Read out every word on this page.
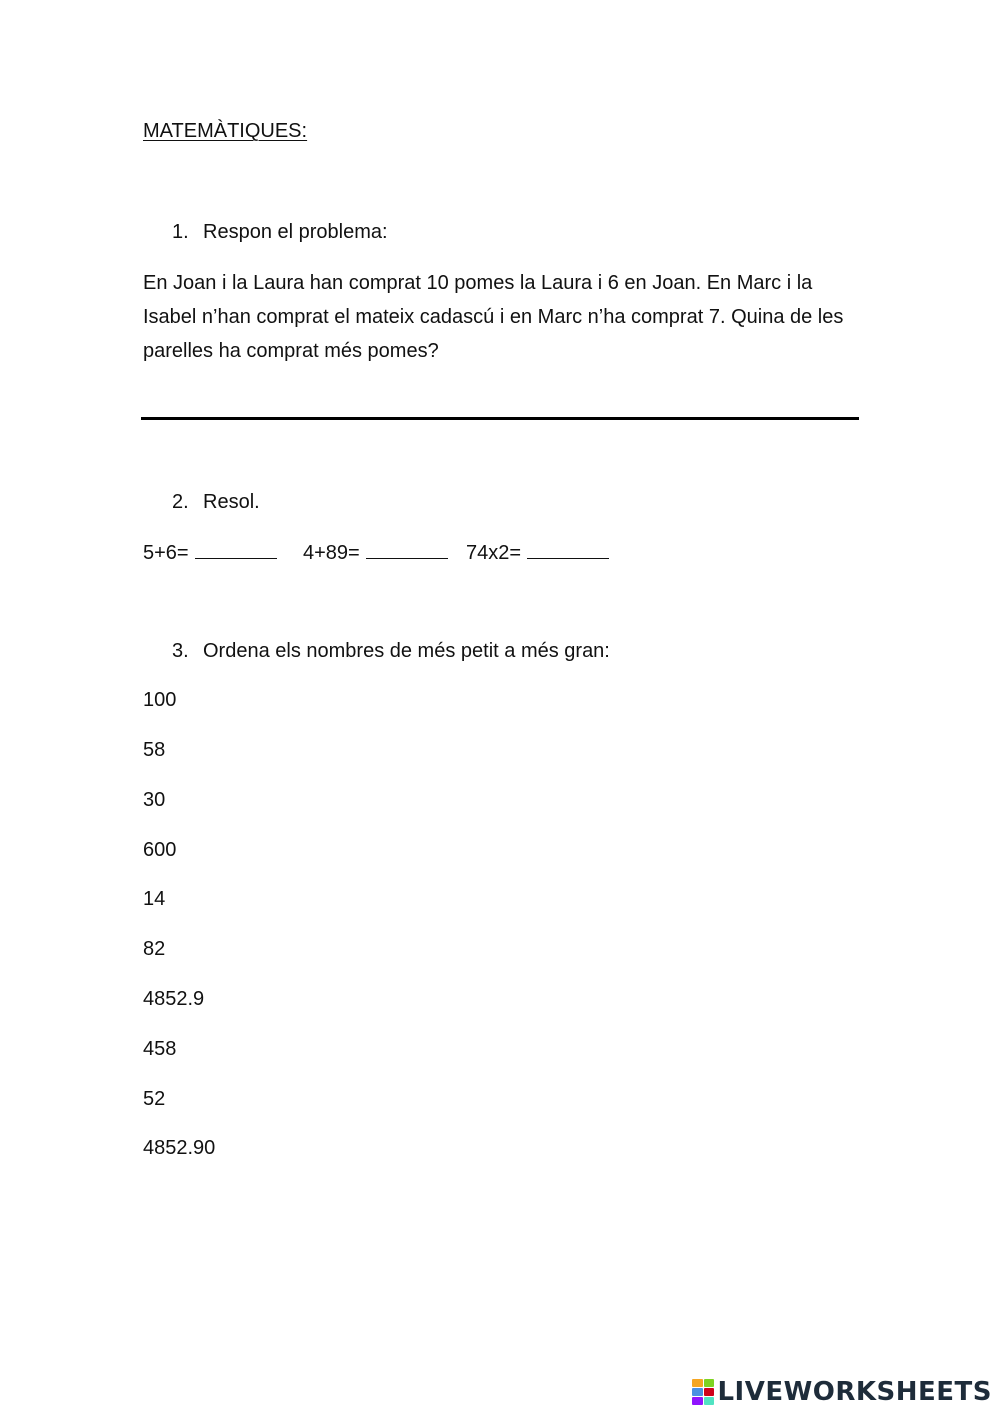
MATEMÀTIQUES:
1. Respon el problema:
En Joan i la Laura han comprat 10 pomes la Laura i 6 en Joan. En Marc i la Isabel n’han comprat el mateix cadascú i en Marc n’ha comprat 7. Quina de les parelles ha comprat més pomes?
2. Resol.
5+6=	4+89=	74x2=
3. Ordena els nombres de més petit a més gran:
100
58
30
600
14
82
4852.9
458
52
4852.90
LIVEWORKSHEETS
